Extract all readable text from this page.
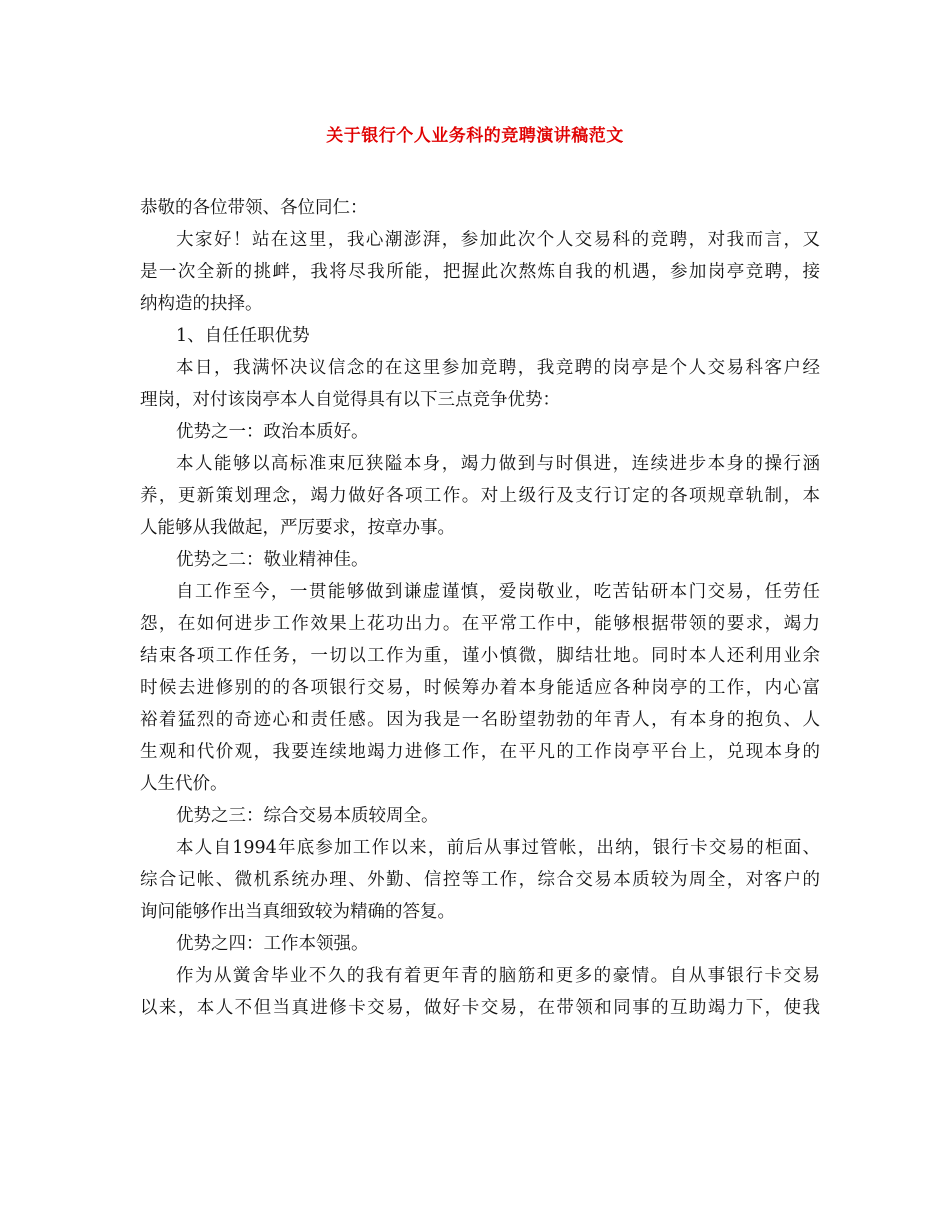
关于银行个人业务科的竞聘演讲稿范文
恭敬的各位带领、各位同仁：
大家好！站在这里，我心潮澎湃，参加此次个人交易科的竞聘，对我而言，又
是一次全新的挑衅，我将尽我所能，把握此次熬炼自我的机遇，参加岗亭竞聘，接
纳构造的抉择。
1、自任任职优势
本日，我满怀决议信念的在这里参加竞聘，我竞聘的岗亭是个人交易科客户经
理岗，对付该岗亭本人自觉得具有以下三点竞争优势：
优势之一：政治本质好。
本人能够以高标准束厄狭隘本身，竭力做到与时俱进，连续进步本身的操行涵
养，更新策划理念，竭力做好各项工作。对上级行及支行订定的各项规章轨制，本
人能够从我做起，严厉要求，按章办事。
优势之二：敬业精神佳。
自工作至今，一贯能够做到谦虚谨慎，爱岗敬业，吃苦钻研本门交易，任劳任
怨，在如何进步工作效果上花功出力。在平常工作中，能够根据带领的要求，竭力
结束各项工作任务，一切以工作为重，谨小慎微，脚结壮地。同时本人还利用业余
时候去进修别的的各项银行交易，时候筹办着本身能适应各种岗亭的工作，内心富
裕着猛烈的奇迹心和责任感。因为我是一名盼望勃勃的年青人，有本身的抱负、人
生观和代价观，我要连续地竭力进修工作，在平凡的工作岗亭平台上，兑现本身的
人生代价。
优势之三：综合交易本质较周全。
本人自1994年底参加工作以来，前后从事过管帐，出纳，银行卡交易的柜面、
综合记帐、微机系统办理、外勤、信控等工作，综合交易本质较为周全，对客户的
询问能够作出当真细致较为精确的答复。
优势之四：工作本领强。
作为从黉舍毕业不久的我有着更年青的脑筋和更多的豪情。自从事银行卡交易
以来，本人不但当真进修卡交易，做好卡交易，在带领和同事的互助竭力下，使我
